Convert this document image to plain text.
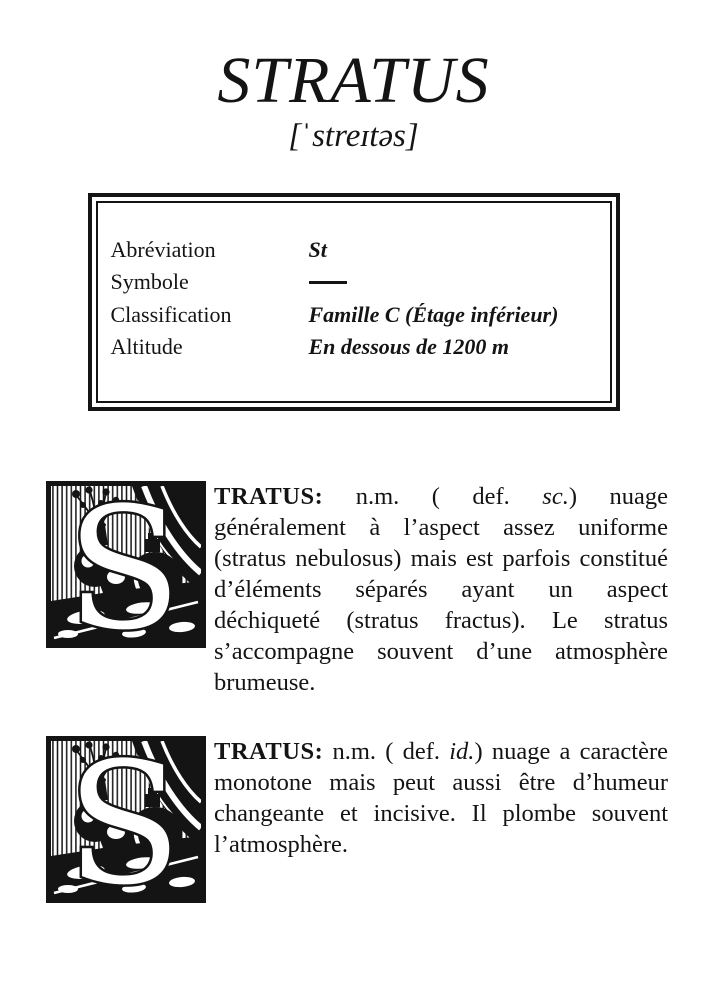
STRATUS
[ˈstreɪtəs]
Abréviation	St
Symbole
Classification	Famille C (Étage inférieur)
Altitude	En dessous de 1200 m
S TRATUS: n.m. ( def. sc.) nuage généralement à l’aspect assez uniforme (stratus nebulosus) mais est parfois constitué d’éléments séparés ayant un aspect déchiqueté (stratus fractus). Le stratus s’accompagne souvent d’une atmosphère brumeuse.

S TRATUS: n.m. ( def. id.) nuage a caractère monotone mais peut aussi être d’humeur changeante et incisive. Il plombe souvent l’atmosphère.
